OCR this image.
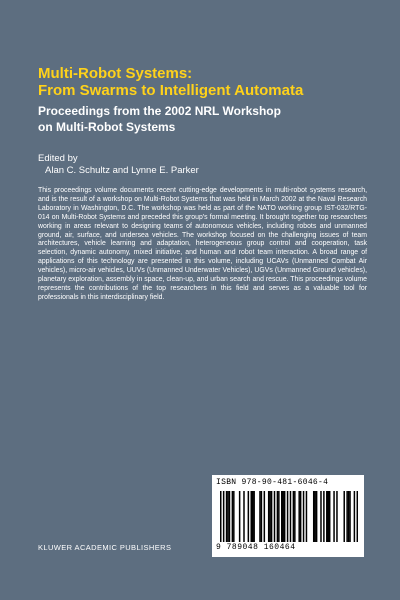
Multi-Robot Systems:
From Swarms to Intelligent Automata
Proceedings from the 2002 NRL Workshop
on Multi-Robot Systems
Edited by
Alan C. Schultz and Lynne E. Parker

This proceedings volume documents recent cutting-edge developments in multi-robot systems research, and is the result of a workshop on Multi-Robot Systems that was held in March 2002 at the Naval Research Laboratory in Washington, D.C. The workshop was held as part of the NATO working group IST-032/RTG-014 on Multi-Robot Systems and preceded this group's formal meeting. It brought together top researchers working in areas relevant to designing teams of autonomous vehicles, including robots and unmanned ground, air, surface, and undersea vehicles. The workshop focused on the challenging issues of team architectures, vehicle learning and adaptation, heterogeneous group control and cooperation, task selection, dynamic autonomy, mixed initiative, and human and robot team interaction. A broad range of applications of this technology are presented in this volume, including UCAVs (Unmanned Combat Air vehicles), micro-air vehicles, UUVs (Unmanned Underwater Vehicles), UGVs (Unmanned Ground vehicles), planetary exploration, assembly in space, clean-up, and urban search and rescue. This proceedings volume represents the contributions of the top researchers in this field and serves as a valuable tool for professionals in this interdisciplinary field.

KLUWER ACADEMIC PUBLISHERS
ISBN 978-90-481-6046-4
9 789048 160464
